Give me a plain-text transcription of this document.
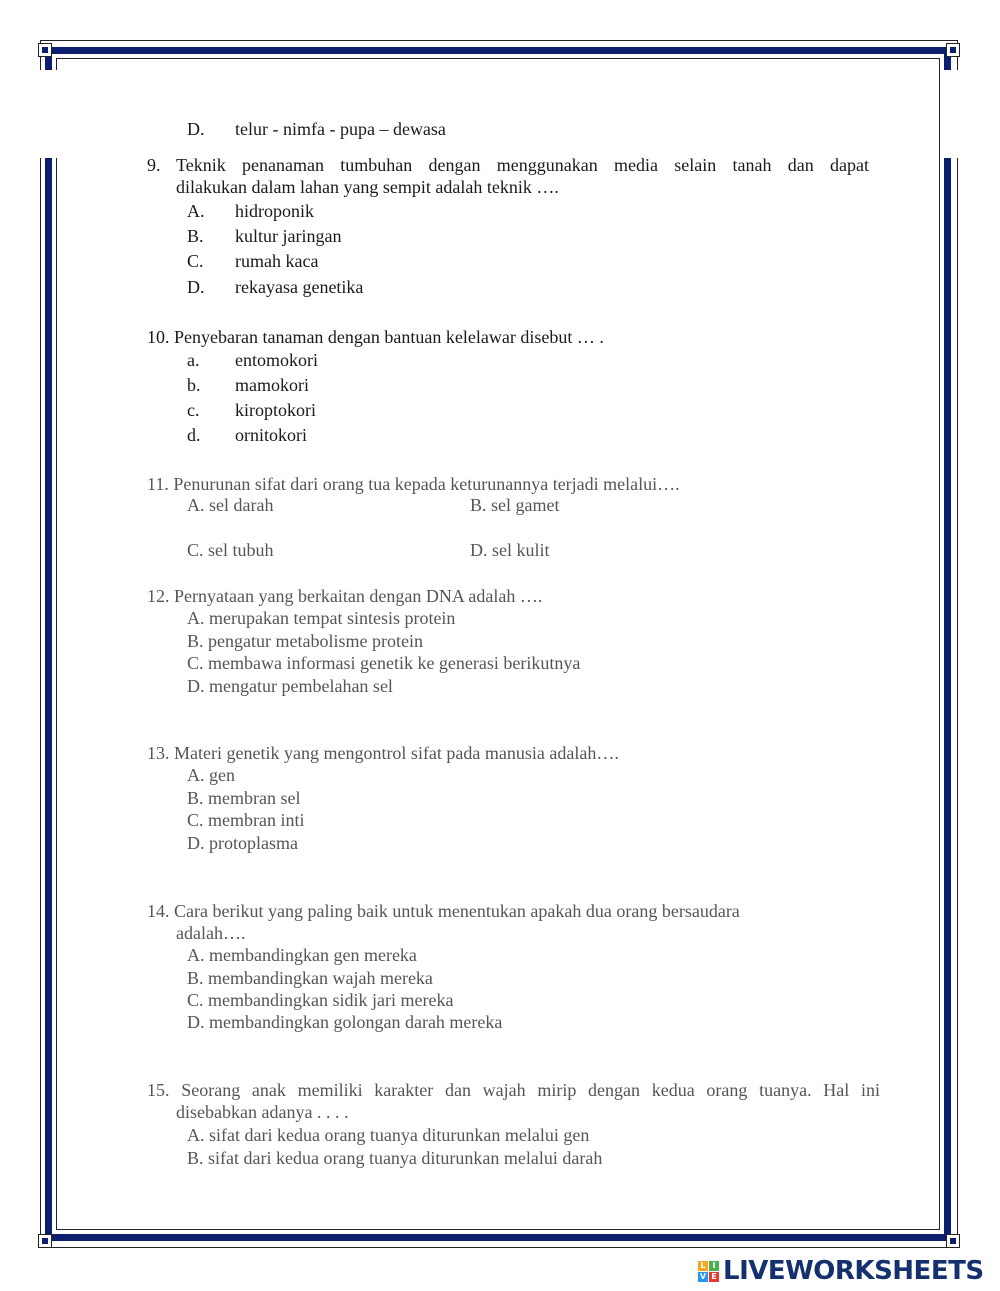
D. telur - nimfa - pupa – dewasa
9. Teknik penanaman tumbuhan dengan menggunakan media selain tanah dan dapat
dilakukan dalam lahan yang sempit adalah teknik ….
A. hidroponik
B. kultur jaringan
C. rumah kaca
D. rekayasa genetika
10. Penyebaran tanaman dengan bantuan kelelawar disebut … .
a. entomokori
b. mamokori
c. kiroptokori
d. ornitokori
11. Penurunan sifat dari orang tua kepada keturunannya terjadi melalui….
A. sel darah	B. sel gamet
C. sel tubuh	D. sel kulit
12. Pernyataan yang berkaitan dengan DNA adalah ….
A. merupakan tempat sintesis protein
B. pengatur metabolisme protein
C. membawa informasi genetik ke generasi berikutnya
D. mengatur pembelahan sel
13. Materi genetik yang mengontrol sifat pada manusia adalah….
A. gen
B. membran sel
C. membran inti
D. protoplasma
14. Cara berikut yang paling baik untuk menentukan apakah dua orang bersaudara
adalah….
A. membandingkan gen mereka
B. membandingkan wajah mereka
C. membandingkan sidik jari mereka
D. membandingkan golongan darah mereka
15. Seorang anak memiliki karakter dan wajah mirip dengan kedua orang tuanya. Hal ini
disebabkan adanya . . . .
A. sifat dari kedua orang tuanya diturunkan melalui gen
B. sifat dari kedua orang tuanya diturunkan melalui darah
L I
V E LIVEWORKSHEETS
